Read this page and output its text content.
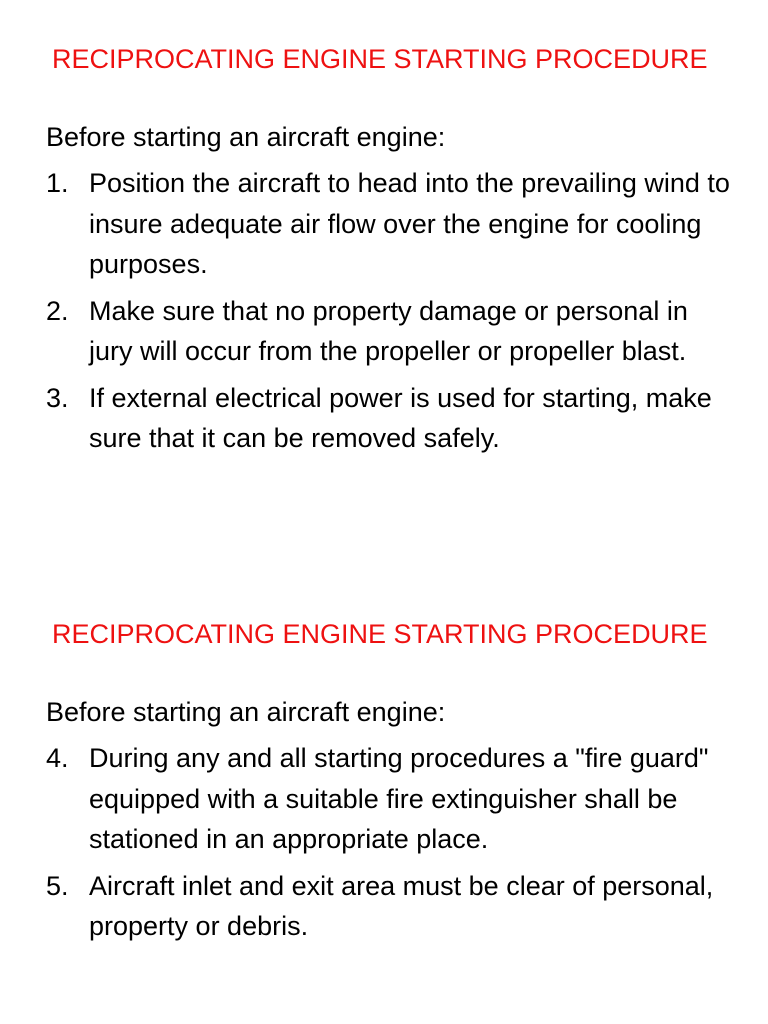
RECIPROCATING ENGINE STARTING PROCEDURE
Before starting an aircraft engine:
1. Position the aircraft to head into the prevailing wind to insure adequate air flow over the engine for cooling purposes.
2. Make sure that no property damage or personal in jury will occur from the propeller or propeller blast.
3. If external electrical power is used for starting, make sure that it can be removed safely.
RECIPROCATING ENGINE STARTING PROCEDURE
Before starting an aircraft engine:
4. During any and all starting procedures a "fire guard" equipped with a suitable fire extinguisher shall be stationed in an appropriate place.
5. Aircraft inlet and exit area must be clear of personal, property or debris.
